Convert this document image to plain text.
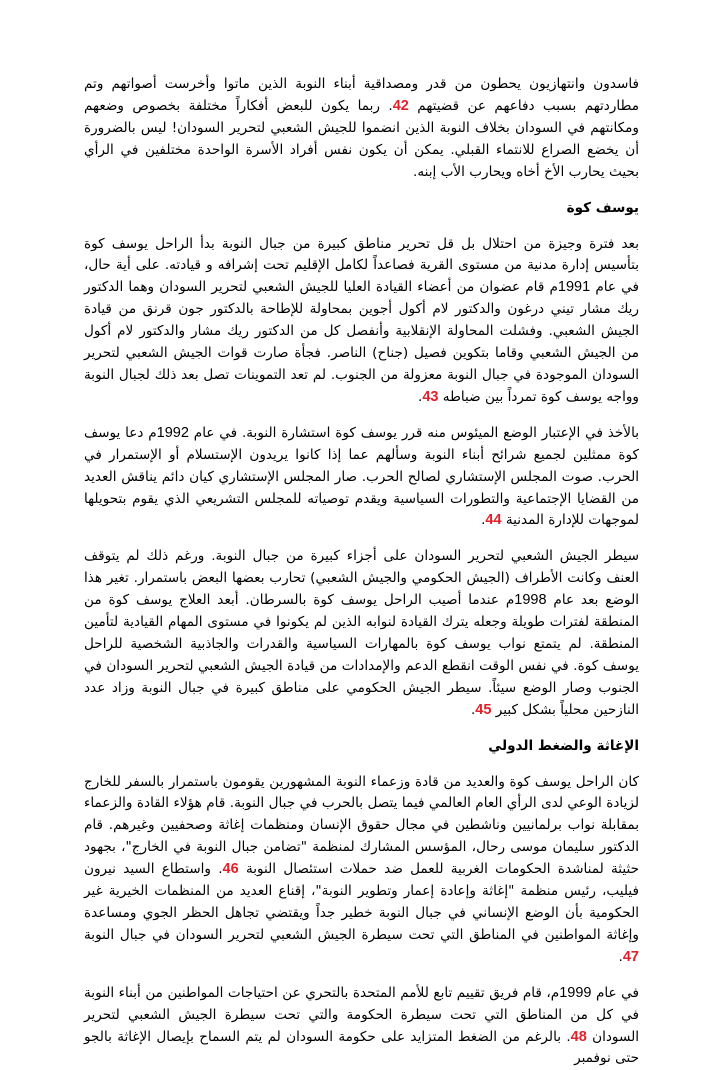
فاسدون وانتهازيون يحطون من قدر ومصداقية أبناء النوبة الذين ماتوا وأخرست أصواتهم وتم مطاردتهم بسبب دفاعهم عن قضيتهم 42. ربما يكون للبعض أفكاراً مختلفة بخصوص وضعهم ومكانتهم في السودان بخلاف النوبة الذين انضموا للجيش الشعبي لتحرير السودان! ليس بالضرورة أن يخضع الصراع للانتماء القبلي. يمكن أن يكون نفس أفراد الأسرة الواحدة مختلفين في الرأي بحيث يحارب الأخ أخاه ويحارب الأب إبنه.

يوسف كوة

بعد فترة وجيزة من احتلال بل قل تحرير مناطق كبيرة من جبال النوبة بدأ الراحل يوسف كوة بتأسيس إدارة مدنية من مستوى القرية فصاعداً لكامل الإقليم تحت إشرافه و قيادته. على أية حال، في عام 1991م قام عضوان من أعضاء القيادة العليا للجيش الشعبي لتحرير السودان وهما الدكتور ريك مشار تيني درغون والدكتور لام أكول أجوين بمحاولة للإطاحة بالدكتور جون قرنق من قيادة الجيش الشعبي. وفشلت المحاولة الإنقلابية وأنفصل كل من الدكتور ريك مشار والدكتور لام أكول من الجيش الشعبي وقاما بتكوين فصيل (جناح) الناصر. فجأة صارت قوات الجيش الشعبي لتحرير السودان الموجودة في جبال النوبة معزولة من الجنوب. لم تعد التموينات تصل بعد ذلك لجبال النوبة وواجه يوسف كوة تمرداً بين ضباطه 43.

بالأخذ في الإعتبار الوضع الميئوس منه قرر يوسف كوة استشارة النوبة. في عام 1992م دعا يوسف كوة ممثلين لجميع شرائح أبناء النوبة وسألهم عما إذا كانوا يريدون الإستسلام أو الإستمرار في الحرب. صوت المجلس الإستشاري لصالح الحرب. صار المجلس الإستشاري كيان دائم يناقش العديد من القضايا الإجتماعية والتطورات السياسية ويقدم توصياته للمجلس التشريعي الذي يقوم بتحويلها لموجهات للإدارة المدنية 44.

سيطر الجيش الشعبي لتحرير السودان على أجزاء كبيرة من جبال النوبة. ورغم ذلك لم يتوقف العنف وكانت الأطراف (الجيش الحكومي والجيش الشعبي) تحارب بعضها البعض باستمرار. تغير هذا الوضع بعد عام 1998م عندما أصيب الراحل يوسف كوة بالسرطان. أبعد العلاج يوسف كوة من المنطقة لفترات طويلة وجعله يترك القيادة لنوابه الذين لم يكونوا في مستوى المهام القيادية لتأمين المنطقة. لم يتمتع نواب يوسف كوة بالمهارات السياسية والقدرات والجاذبية الشخصية للراحل يوسف كوة. في نفس الوقت انقطع الدعم والإمدادات من قيادة الجيش الشعبي لتحرير السودان في الجنوب وصار الوضع سيئاً. سيطر الجيش الحكومي على مناطق كبيرة في جبال النوبة وزاد عدد النازحين محلياً بشكل كبير 45.

الإغاثة والضغط الدولي

كان الراحل يوسف كوة والعديد من قادة وزعماء النوبة المشهورين يقومون باستمرار بالسفر للخارج لزيادة الوعي لدى الرأي العام العالمي فيما يتصل بالحرب في جبال النوبة. قام هؤلاء القادة والزعماء بمقابلة نواب برلمانيين وناشطين في مجال حقوق الإنسان ومنظمات إغاثة وصحفيين وغيرهم. قام الدكتور سليمان موسى رحال، المؤسس المشارك لمنظمة "تضامن جبال النوبة في الخارج"، بجهود حثيثة لمناشدة الحكومات الغربية للعمل ضد حملات استئصال النوبة 46. واستطاع السيد نيرون فيليب، رئيس منظمة "إغاثة وإعادة إعمار وتطوير النوبة"، إقناع العديد من المنظمات الخيرية غير الحكومية بأن الوضع الإنساني في جبال النوبة خطير جداً ويقتضي تجاهل الحظر الجوي ومساعدة وإغاثة المواطنين في المناطق التي تحت سيطرة الجيش الشعبي لتحرير السودان في جبال النوبة 47.

في عام 1999م، قام فريق تقييم تابع للأمم المتحدة بالتحري عن احتياجات المواطنين من أبناء النوبة في كل من المناطق التي تحت سيطرة الحكومة والتي تحت سيطرة الجيش الشعبي لتحرير السودان 48. بالرغم من الضغط المتزايد على حكومة السودان لم يتم السماح بإيصال الإغاثة بالجو حتى نوفمبر
